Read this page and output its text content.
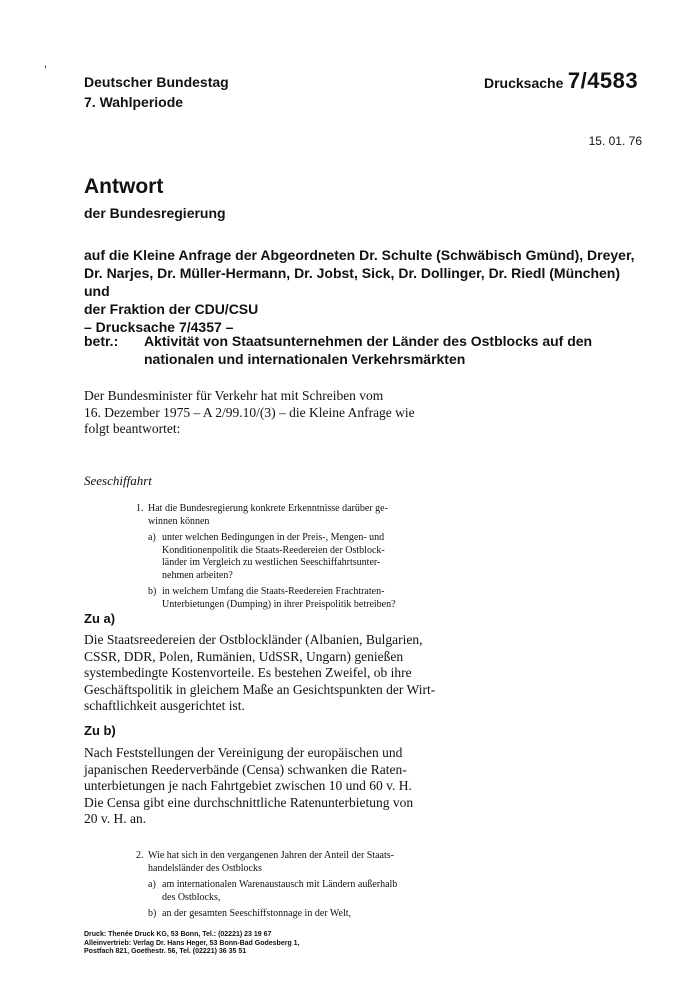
,
Deutscher Bundestag
7. Wahlperiode
Drucksache 7/4583
15. 01. 76
Antwort
der Bundesregierung
auf die Kleine Anfrage der Abgeordneten Dr. Schulte (Schwäbisch Gmünd), Dreyer,
Dr. Narjes, Dr. Müller-Hermann, Dr. Jobst, Sick, Dr. Dollinger, Dr. Riedl (München) und
der Fraktion der CDU/CSU
– Drucksache 7/4357 –
betr.:	Aktivität von Staatsunternehmen der Länder des Ostblocks auf den
nationalen und internationalen Verkehrsmärkten
Der Bundesminister für Verkehr hat mit Schreiben vom
16. Dezember 1975 – A 2/99.10/(3) – die Kleine Anfrage wie
folgt beantwortet:
Seeschiffahrt
1. Hat die Bundesregierung konkrete Erkenntnisse darüber ge-
winnen können
a) unter welchen Bedingungen in der Preis-, Mengen- und
Konditionenpolitik die Staats-Reedereien der Ostblock-
länder im Vergleich zu westlichen Seeschiffahrtsunter-
nehmen arbeiten?
b) in welchem Umfang die Staats-Reedereien Frachtraten-
Unterbietungen (Dumping) in ihrer Preispolitik betreiben?
Zu a)
Die Staatsreedereien der Ostblockländer (Albanien, Bulgarien,
CSSR, DDR, Polen, Rumänien, UdSSR, Ungarn) genießen
systembedingte Kostenvorteile. Es bestehen Zweifel, ob ihre
Geschäftspolitik in gleichem Maße an Gesichtspunkten der Wirt-
schaftlichkeit ausgerichtet ist.
Zu b)
Nach Feststellungen der Vereinigung der europäischen und
japanischen Reederverbände (Censa) schwanken die Raten-
unterbietungen je nach Fahrtgebiet zwischen 10 und 60 v. H.
Die Censa gibt eine durchschnittliche Ratenunterbietung von
20 v. H. an.
2. Wie hat sich in den vergangenen Jahren der Anteil der Staats-
handelsländer des Ostblocks
a) am internationalen Warenaustausch mit Ländern außerhalb
des Ostblocks,
b) an der gesamten Seeschiffstonnage in der Welt,
Druck: Thenée Druck KG, 53 Bonn, Tel.: (02221) 23 19 67
Alleinvertrieb: Verlag Dr. Hans Heger, 53 Bonn-Bad Godesberg 1,
Postfach 821, Goethestr. 56, Tel. (02221) 36 35 51
